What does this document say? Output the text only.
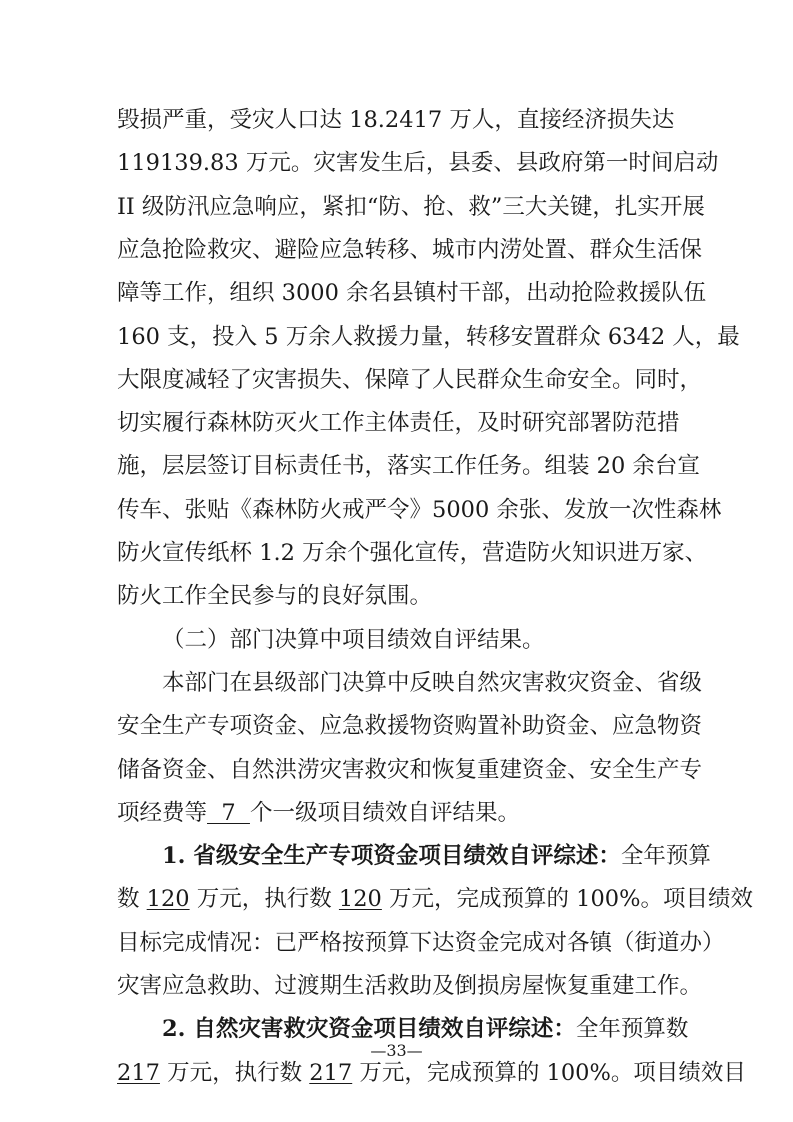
毁损严重，受灾人口达 18.2417 万人，直接经济损失达
119139.83 万元。灾害发生后，县委、县政府第一时间启动
II 级防汛应急响应，紧扣“防、抢、救”三大关键，扎实开展
应急抢险救灾、避险应急转移、城市内涝处置、群众生活保
障等工作，组织 3000 余名县镇村干部，出动抢险救援队伍
160 支，投入 5 万余人救援力量，转移安置群众 6342 人，最
大限度减轻了灾害损失、保障了人民群众生命安全。同时，
切实履行森林防灭火工作主体责任，及时研究部署防范措
施，层层签订目标责任书，落实工作任务。组装 20 余台宣
传车、张贴《森林防火戒严令》5000 余张、发放一次性森林
防火宣传纸杯 1.2 万余个强化宣传，营造防火知识进万家、
防火工作全民参与的良好氛围。
（二）部门决算中项目绩效自评结果。
本部门在县级部门决算中反映自然灾害救灾资金、省级
安全生产专项资金、应急救援物资购置补助资金、应急物资
储备资金、自然洪涝灾害救灾和恢复重建资金、安全生产专
项经费等  7  个一级项目绩效自评结果。
1. 省级安全生产专项资金项目绩效自评综述：全年预算
数 120 万元，执行数 120 万元，完成预算的 100%。项目绩效
目标完成情况：已严格按预算下达资金完成对各镇（街道办）
灾害应急救助、过渡期生活救助及倒损房屋恢复重建工作。
—33—
2. 自然灾害救灾资金项目绩效自评综述：全年预算数
217 万元，执行数 217 万元，完成预算的 100%。项目绩效目
